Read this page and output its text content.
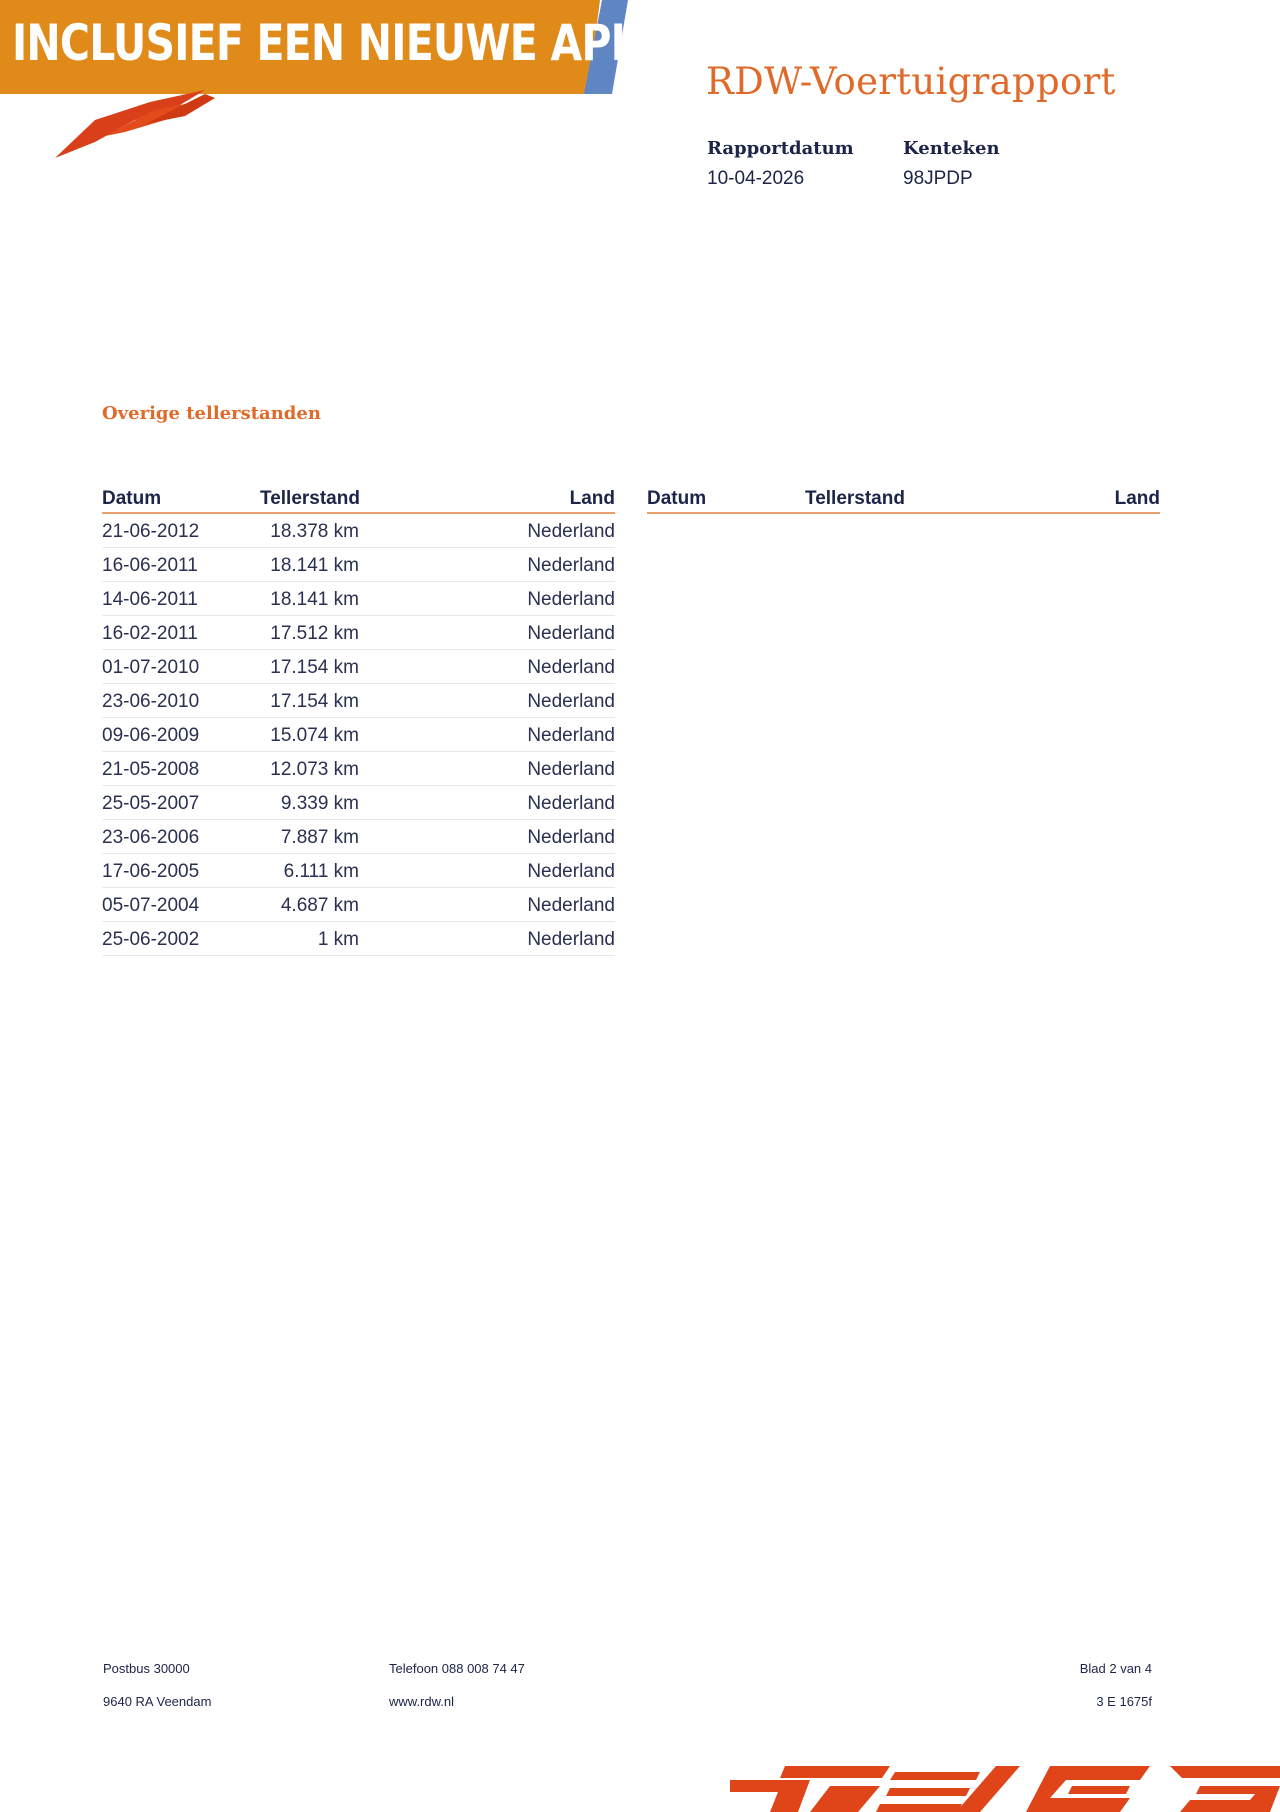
INCLUSIEF EEN NIEUWE APK
RDW-Voertuigrapport
Rapportdatum
10-04-2026
Kenteken
98JPDP
Overige tellerstanden
Datum	Tellerstand	Land
21-06-2012	18.378 km	Nederland
16-06-2011	18.141 km	Nederland
14-06-2011	18.141 km	Nederland
16-02-2011	17.512 km	Nederland
01-07-2010	17.154 km	Nederland
23-06-2010	17.154 km	Nederland
09-06-2009	15.074 km	Nederland
21-05-2008	12.073 km	Nederland
25-05-2007	9.339 km	Nederland
23-06-2006	7.887 km	Nederland
17-06-2005	6.111 km	Nederland
05-07-2004	4.687 km	Nederland
25-06-2002	1 km	Nederland
Datum	Tellerstand	Land
Postbus 30000
9640 RA Veendam
Telefoon 088 008 74 47
www.rdw.nl
Blad 2 van 4
3 E 1675f
